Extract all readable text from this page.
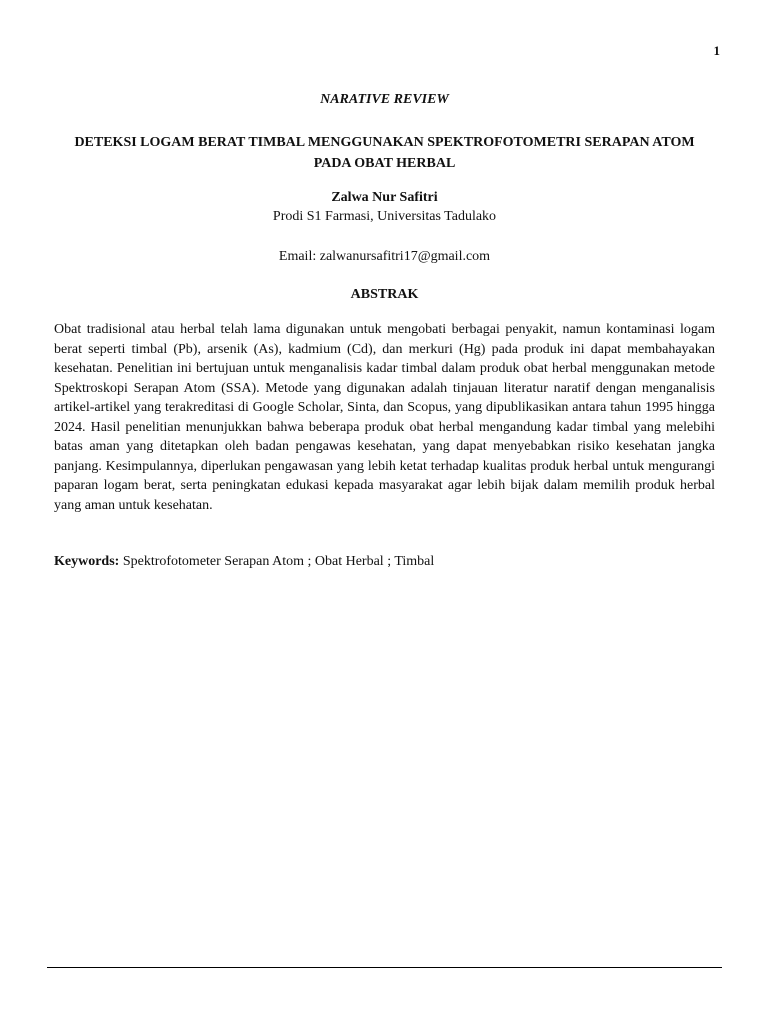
1

NARATIVE REVIEW

DETEKSI LOGAM BERAT TIMBAL MENGGUNAKAN SPEKTROFOTOMETRI SERAPAN ATOM PADA OBAT HERBAL

Zalwa Nur Safitri

Prodi S1 Farmasi, Universitas Tadulako

Email: zalwanursafitri17@gmail.com

ABSTRAK

Obat tradisional atau herbal telah lama digunakan untuk mengobati berbagai penyakit, namun kontaminasi logam berat seperti timbal (Pb), arsenik (As), kadmium (Cd), dan merkuri (Hg) pada produk ini dapat membahayakan kesehatan. Penelitian ini bertujuan untuk menganalisis kadar timbal dalam produk obat herbal menggunakan metode Spektroskopi Serapan Atom (SSA). Metode yang digunakan adalah tinjauan literatur naratif dengan menganalisis artikel-artikel yang terakreditasi di Google Scholar, Sinta, dan Scopus, yang dipublikasikan antara tahun 1995 hingga 2024. Hasil penelitian menunjukkan bahwa beberapa produk obat herbal mengandung kadar timbal yang melebihi batas aman yang ditetapkan oleh badan pengawas kesehatan, yang dapat menyebabkan risiko kesehatan jangka panjang. Kesimpulannya, diperlukan pengawasan yang lebih ketat terhadap kualitas produk herbal untuk mengurangi paparan logam berat, serta peningkatan edukasi kepada masyarakat agar lebih bijak dalam memilih produk herbal yang aman untuk kesehatan.

Keywords: Spektrofotometer Serapan Atom ; Obat Herbal ; Timbal
